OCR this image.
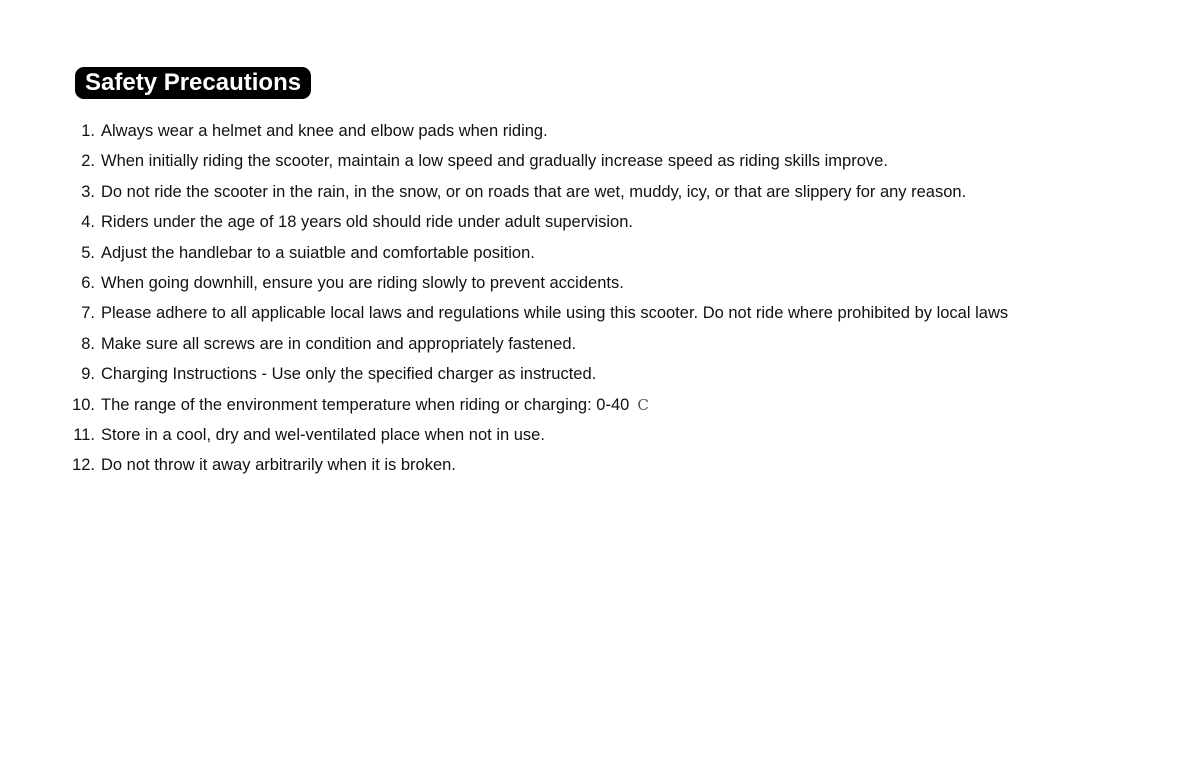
Safety Precautions
1. Always wear a helmet and knee and elbow pads when riding.
2. When initially riding the scooter, maintain a low speed and gradually increase speed as riding skills improve.
3. Do not ride the scooter in the rain, in the snow, or on roads that are wet, muddy, icy, or that are slippery for any reason.
4. Riders under the age of 18 years old should ride under adult supervision.
5. Adjust the handlebar to a suiatble and comfortable position.
6. When going downhill, ensure you are riding slowly to prevent accidents.
7. Please adhere to all applicable local laws and regulations while using this scooter. Do not ride where prohibited by local laws
8. Make sure all screws are in condition and appropriately fastened.
9. Charging Instructions - Use only the specified charger as instructed.
10. The range of the environment temperature when riding or charging: 0-40 C
11. Store in a cool, dry and wel-ventilated place when not in use.
12. Do not throw it away arbitrarily when it is broken.
